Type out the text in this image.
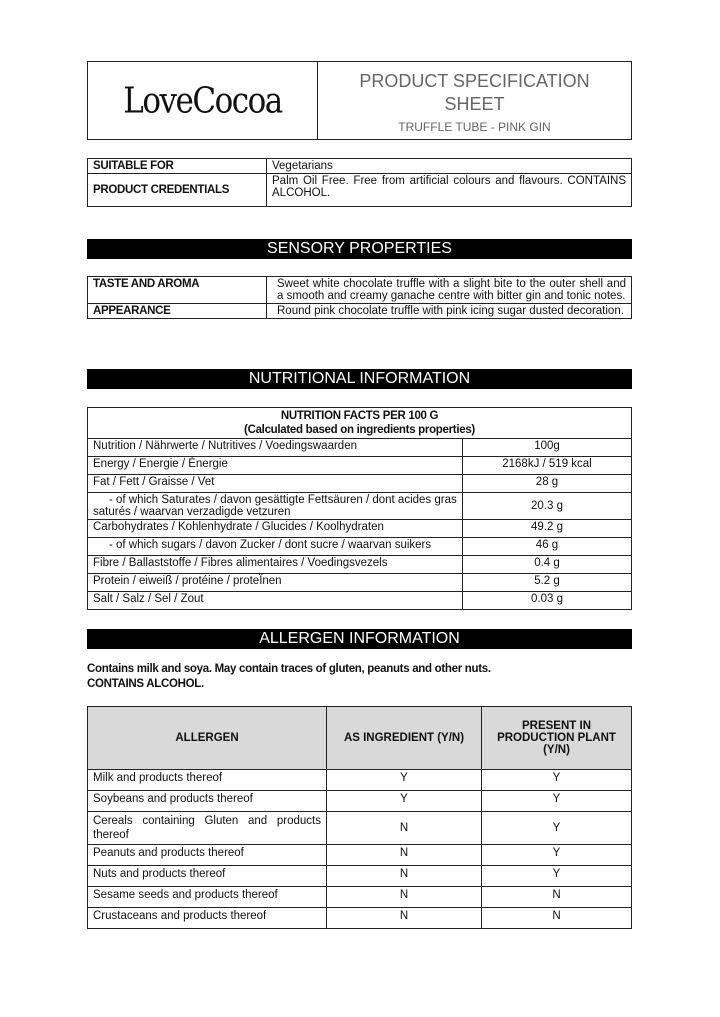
LoveCocoa	PRODUCT SPECIFICATION
SHEET
TRUFFLE TUBE - PINK GIN
SUITABLE FOR	Vegetarians
PRODUCT CREDENTIALS	Palm Oil Free. Free from artificial colours and flavours. CONTAINS ALCOHOL.
SENSORY PROPERTIES
TASTE AND AROMA	Sweet white chocolate truffle with a slight bite to the outer shell and a smooth and creamy ganache centre with bitter gin and tonic notes.
APPEARANCE	Round pink chocolate truffle with pink icing sugar dusted decoration.
NUTRITIONAL INFORMATION
NUTRITION FACTS PER 100 G
(Calculated based on ingredients properties)	

Nutrition / Nährwerte / Nutritives / Voedingswaarden	100g
Energy / Energie / Énergie	2168kJ / 519 kcal
Fat / Fett / Graisse / Vet	28 g
- of which Saturates / davon gesättigte Fettsäuren / dont acides gras saturés / waarvan verzadigde vetzuren	20.3 g
Carbohydrates / Kohlenhydrate / Glucides / Koolhydraten	49.2 g
- of which sugars / davon Zucker / dont sucre / waarvan suikers	46 g
Fibre / Ballaststoffe / Fibres alimentaires / Voedingsvezels	0.4 g
Protein / eiweiß / protéine / proteÏnen	5.2 g
Salt / Salz / Sel / Zout	0.03 g
ALLERGEN INFORMATION
Contains milk and soya. May contain traces of gluten, peanuts and other nuts.
CONTAINS ALCOHOL.
ALLERGEN	AS INGREDIENT (Y/N)	PRESENT IN PRODUCTION PLANT (Y/N)
Milk and products thereof	Y	Y
Soybeans and products thereof	Y	Y
Cereals containing Gluten and products thereof	N	Y
Peanuts and products thereof	N	Y
Nuts and products thereof	N	Y
Sesame seeds and products thereof	N	N
Crustaceans and products thereof	N	N
